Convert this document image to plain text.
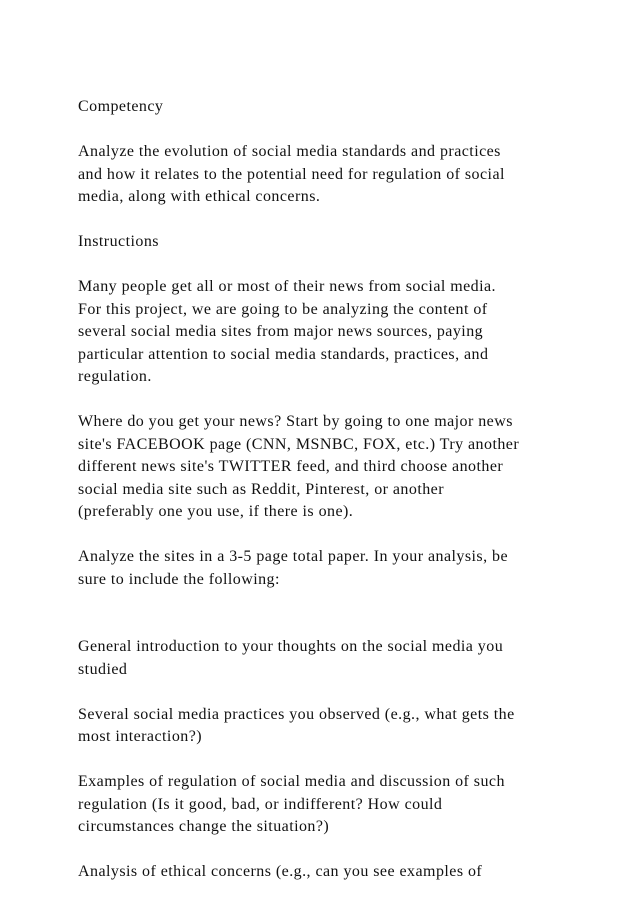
Competency
Analyze the evolution of social media standards and practices
and how it relates to the potential need for regulation of social
media, along with ethical concerns.
Instructions
Many people get all or most of their news from social media.
For this project, we are going to be analyzing the content of
several social media sites from major news sources, paying
particular attention to social media standards, practices, and
regulation.
Where do you get your news? Start by going to one major news
site's FACEBOOK page (CNN, MSNBC, FOX, etc.) Try another
different news site's TWITTER feed, and third choose another
social media site such as Reddit, Pinterest, or another
(preferably one you use, if there is one).
Analyze the sites in a 3-5 page total paper. In your analysis, be
sure to include the following:
General introduction to your thoughts on the social media you
studied
Several social media practices you observed (e.g., what gets the
most interaction?)
Examples of regulation of social media and discussion of such
regulation (Is it good, bad, or indifferent? How could
circumstances change the situation?)
Analysis of ethical concerns (e.g., can you see examples of
